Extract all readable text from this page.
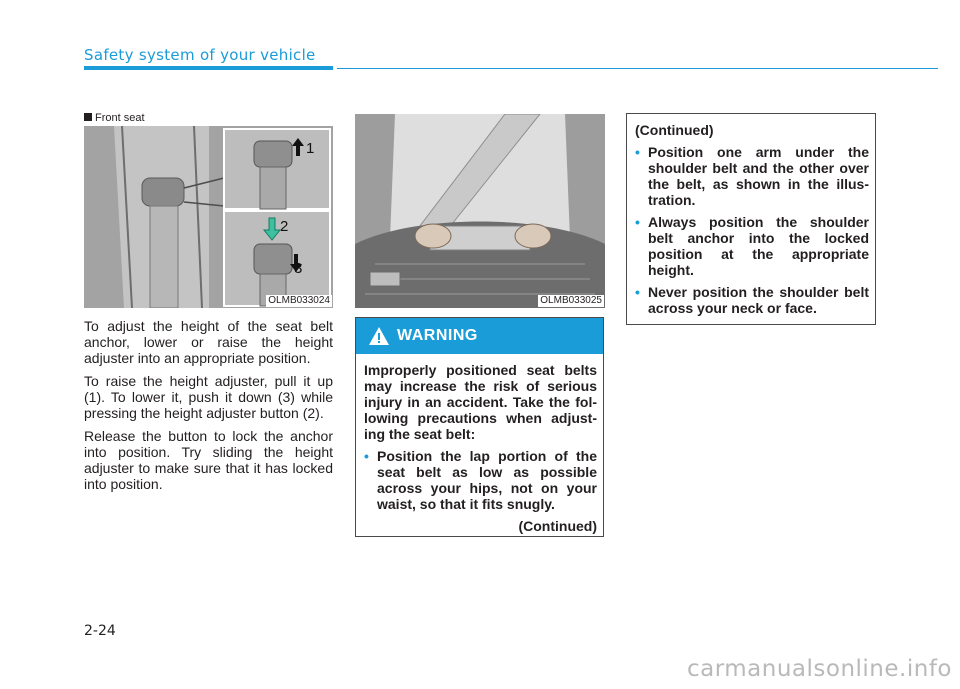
Safety system of your vehicle
Front seat
OLMB033024
1
2
3
OLMB033025

To adjust the height of the seat belt anchor, lower or raise the height adjuster into an appropriate position.

To raise the height adjuster, pull it up (1). To lower it, push it down (3) while pressing the height adjuster button (2).

Release the button to lock the anchor into position. Try sliding the height adjuster to make sure that it has locked into position.

WARNING

Improperly positioned seat belts may increase the risk of serious injury in an accident. Take the fol-lowing precautions when adjust-ing the seat belt:

• Position the lap portion of the seat belt as low as possible across your hips, not on your waist, so that it fits snugly.
(Continued)

(Continued)

• Position one arm under the shoulder belt and the other over the belt, as shown in the illus-tration.
• Always position the shoulder belt anchor into the locked position at the appropriate height.
• Never position the shoulder belt across your neck or face.
2-24
carmanualsonline.info
